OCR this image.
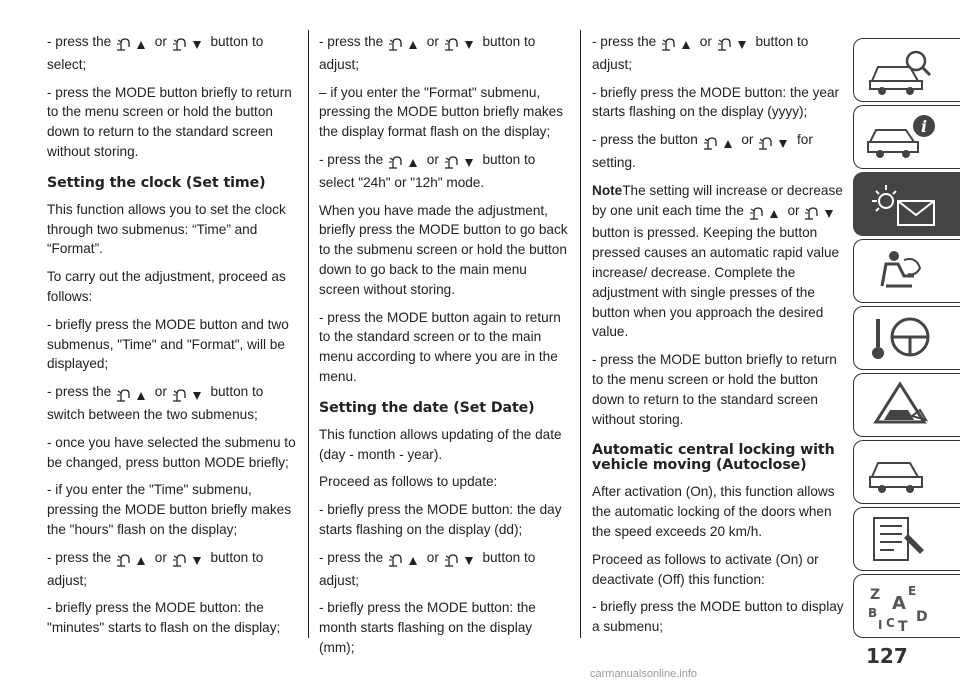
- press the	or	button to select;

- press the MODE button briefly to return to the menu screen or hold the button down to return to the standard screen without storing.

Setting the clock (Set time)

This function allows you to set the clock through two submenus: “Time” and “Format”.

To carry out the adjustment, proceed as follows:

- briefly press the MODE button and two submenus, "Time" and "Format", will be displayed;

- press the	or	button to switch between the two submenus;

- once you have selected the submenu to be changed, press button MODE briefly;

- if you enter the "Time" submenu, pressing the MODE button briefly makes the "hours" flash on the display;

- press the	or	button to adjust;

- briefly press the MODE button: the "minutes" starts to flash on the display;

- press the	or	button to adjust;

– if you enter the "Format" submenu, pressing the MODE button briefly makes the display format flash on the display;

- press the	or	button to select "24h" or "12h" mode.

When you have made the adjustment, briefly press the MODE button to go back to the submenu screen or hold the button down to go back to the main menu screen without storing.

- press the MODE button again to return to the standard screen or to the main menu according to where you are in the menu.

Setting the date (Set Date)

This function allows updating of the date (day - month - year).

Proceed as follows to update:

- briefly press the MODE button: the day starts flashing on the display (dd);

- press the	or	button to adjust;

- briefly press the MODE button: the month starts flashing on the display (mm);

- press the	or	button to adjust;

- briefly press the MODE button: the year starts flashing on the display (yyyy);

- press the button	or	for setting.

NoteThe setting will increase or decrease by one unit each time the	or  button is pressed. Keeping the button pressed causes an automatic rapid value increase/ decrease. Complete the adjustment with single presses of the button when you approach the desired value.

- press the MODE button briefly to return to the menu screen or hold the button down to return to the standard screen without storing.

Automatic central locking with vehicle moving (Autoclose)

After activation (On), this function allows the automatic locking of the doors when the speed exceeds 20 km/h.

Proceed as follows to activate (On) or deactivate (Off) this function:

- briefly press the MODE button to display a submenu;

i
Z E
A
B
I C T
D
127
carmanualsonline.info
